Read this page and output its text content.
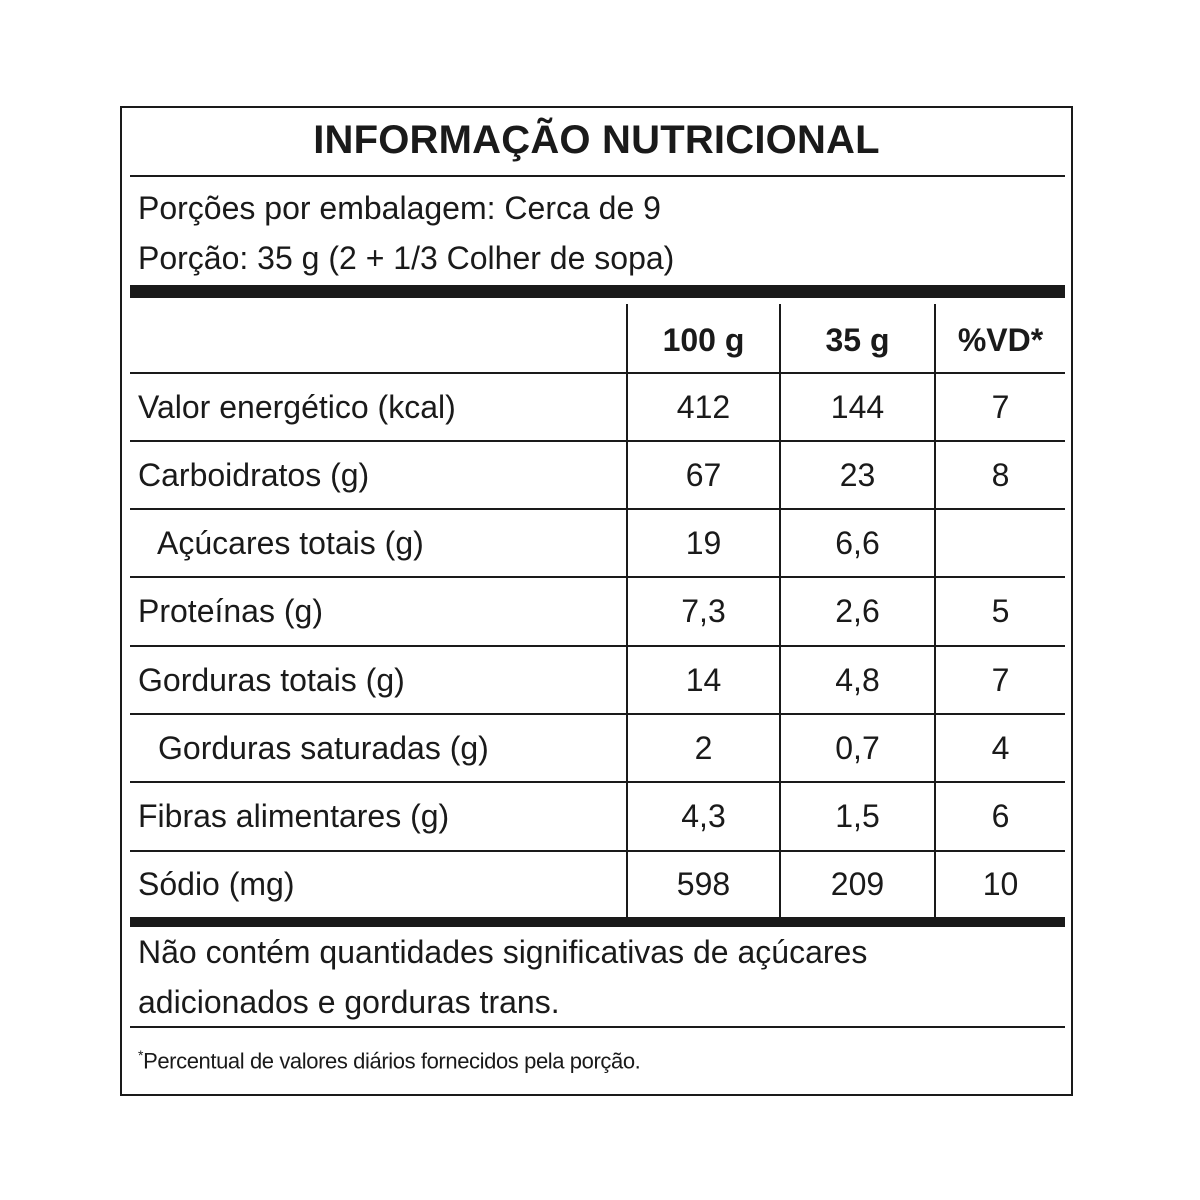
INFORMAÇÃO NUTRICIONAL
Porções por embalagem: Cerca de 9
Porção: 35 g (2 + 1/3 Colher de sopa)
100 g	35 g	%VD*
Valor energético (kcal)	412	144	7
Carboidratos (g)	67	23	8
Açúcares totais (g)	19	6,6
Proteínas (g)	7,3	2,6	5
Gorduras totais (g)	14	4,8	7
Gorduras saturadas (g)	2	0,7	4
Fibras alimentares (g)	4,3	1,5	6
Sódio (mg)	598	209	10
Não contém quantidades significativas de açúcares
adicionados e gorduras trans.
*Percentual de valores diários fornecidos pela porção.
